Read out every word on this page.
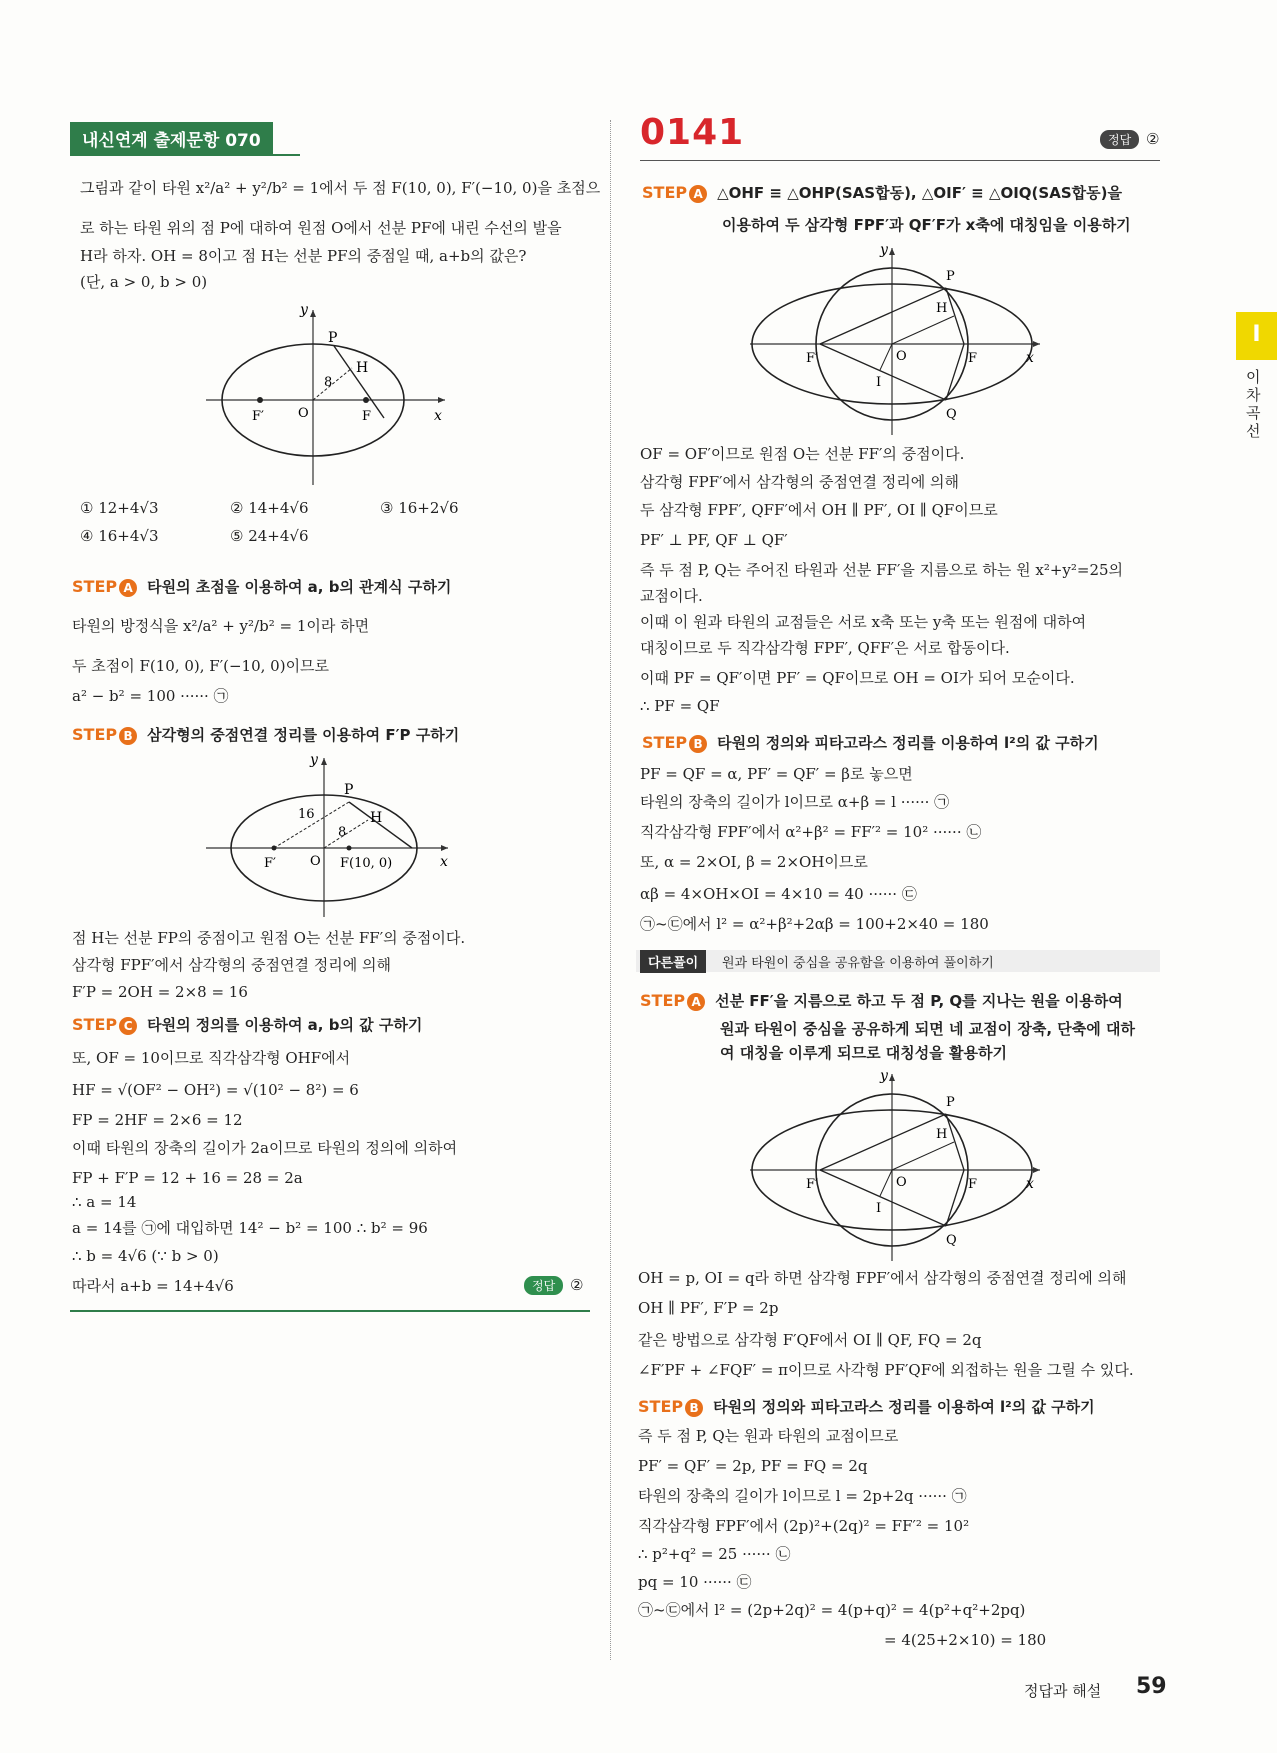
내신연계 출제문항 070
그림과 같이 타원 x²/a² + y²/b² = 1에서 두 점 F(10, 0), F′(−10, 0)을 초점으
로 하는 타원 위의 점 P에 대하여 원점 O에서 선분 PF에 내린 수선의 발을
H라 하자. OH = 8이고 점 H는 선분 PF의 중점일 때, a+b의 값은?
(단, a > 0, b > 0)
y
x
P
H
8
O
F′	F
① 12+4√3	② 14+4√6	③ 16+2√6
④ 16+4√3	⑤ 24+4√6
STEP A 타원의 초점을 이용하여 a, b의 관계식 구하기
타원의 방정식을 x²/a² + y²/b² = 1이라 하면
두 초점이 F(10, 0), F′(−10, 0)이므로
a² − b² = 100 ······ ㉠
STEP B 삼각형의 중점연결 정리를 이용하여 F′P 구하기
y
x
P
H
16
8
O
F′	F(10, 0)
점 H는 선분 FP의 중점이고 원점 O는 선분 FF′의 중점이다.
삼각형 FPF′에서 삼각형의 중점연결 정리에 의해
F′P = 2OH = 2×8 = 16
STEP C 타원의 정의를 이용하여 a, b의 값 구하기
또, OF = 10이므로 직각삼각형 OHF에서
HF = √(OF² − OH²) = √(10² − 8²) = 6
FP = 2HF = 2×6 = 12
이때 타원의 장축의 길이가 2a이므로 타원의 정의에 의하여
FP + F′P = 12 + 16 = 28 = 2a
∴ a = 14
a = 14를 ㉠에 대입하면 14² − b² = 100 ∴ b² = 96
∴ b = 4√6 (∵ b > 0)
따라서 a+b = 14+4√6	정답 ②
0141	정답 ②
STEP A △OHF ≡ △OHP(SAS합동), △OIF′ ≡ △OIQ(SAS합동)을
이용하여 두 삼각형 FPF′과 QF′F가 x축에 대칭임을 이용하기
y
x
P
H
O
F′	F
I
Q
OF = OF′이므로 원점 O는 선분 FF′의 중점이다.
삼각형 FPF′에서 삼각형의 중점연결 정리에 의해
두 삼각형 FPF′, QFF′에서 OH ∥ PF′, OI ∥ QF이므로
PF′ ⊥ PF, QF ⊥ QF′
즉 두 점 P, Q는 주어진 타원과 선분 FF′을 지름으로 하는 원 x²+y²=25의
교점이다.
이때 이 원과 타원의 교점들은 서로 x축 또는 y축 또는 원점에 대하여
대칭이므로 두 직각삼각형 FPF′, QFF′은 서로 합동이다.
이때 PF = QF′이면 PF′ = QF이므로 OH = OI가 되어 모순이다.
∴ PF = QF
STEP B 타원의 정의와 피타고라스 정리를 이용하여 l²의 값 구하기
PF = QF = α, PF′ = QF′ = β로 놓으면
타원의 장축의 길이가 l이므로 α+β = l ······ ㉠
직각삼각형 FPF′에서 α²+β² = FF′² = 10² ······ ㉡
또, α = 2×OI, β = 2×OH이므로
αβ = 4×OH×OI = 4×10 = 40 ······ ㉢
㉠~㉢에서 l² = α²+β²+2αβ = 100+2×40 = 180
다른풀이	원과 타원이 중심을 공유함을 이용하여 풀이하기
STEP A 선분 FF′을 지름으로 하고 두 점 P, Q를 지나는 원을 이용하여
원과 타원이 중심을 공유하게 되면 네 교점이 장축, 단축에 대하
여 대칭을 이루게 되므로 대칭성을 활용하기
y
x
P
H
O
F′	F
I
Q
OH = p, OI = q라 하면 삼각형 FPF′에서 삼각형의 중점연결 정리에 의해
OH ∥ PF′, F′P = 2p
같은 방법으로 삼각형 F′QF에서 OI ∥ QF, FQ = 2q
∠F′PF + ∠FQF′ = π이므로 사각형 PF′QF에 외접하는 원을 그릴 수 있다.
STEP B 타원의 정의와 피타고라스 정리를 이용하여 l²의 값 구하기
즉 두 점 P, Q는 원과 타원의 교점이므로
PF′ = QF′ = 2p, PF = FQ = 2q
타원의 장축의 길이가 l이므로 l = 2p+2q ······ ㉠
직각삼각형 FPF′에서 (2p)²+(2q)² = FF′² = 10²
∴ p²+q² = 25 ······ ㉡
pq = 10 ······ ㉢
㉠~㉢에서 l² = (2p+2q)² = 4(p+q)² = 4(p²+q²+2pq)
= 4(25+2×10) = 180
I
이차곡선
정답과 해설 59
